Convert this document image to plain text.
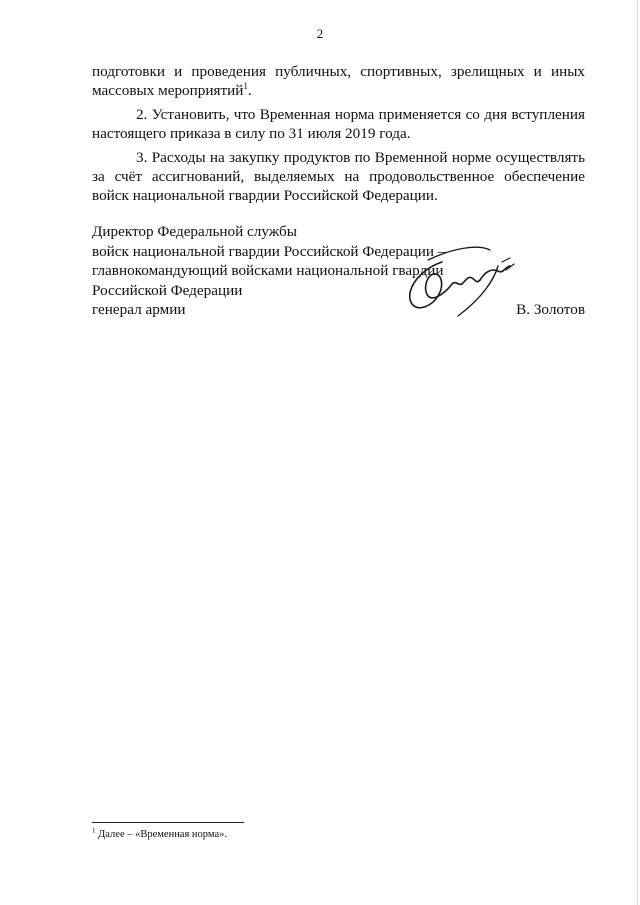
2

подготовки и проведения публичных, спортивных, зрелищных и иных массовых мероприятий$^1$.

2. Установить, что Временная норма применяется со дня вступления настоящего приказа в силу по 31 июля 2019 года.

3. Расходы на закупку продуктов по Временной норме осуществлять за счёт ассигнований, выделяемых на продовольственное обеспечение войск национальной гвардии Российской Федерации.

Директор Федеральной службы
войск национальной гвардии Российской Федерации –
главнокомандующий войсками национальной гвардии
Российской Федерации
генерал армии	В. Золотов
$^1$ Далее – «Временная норма».
